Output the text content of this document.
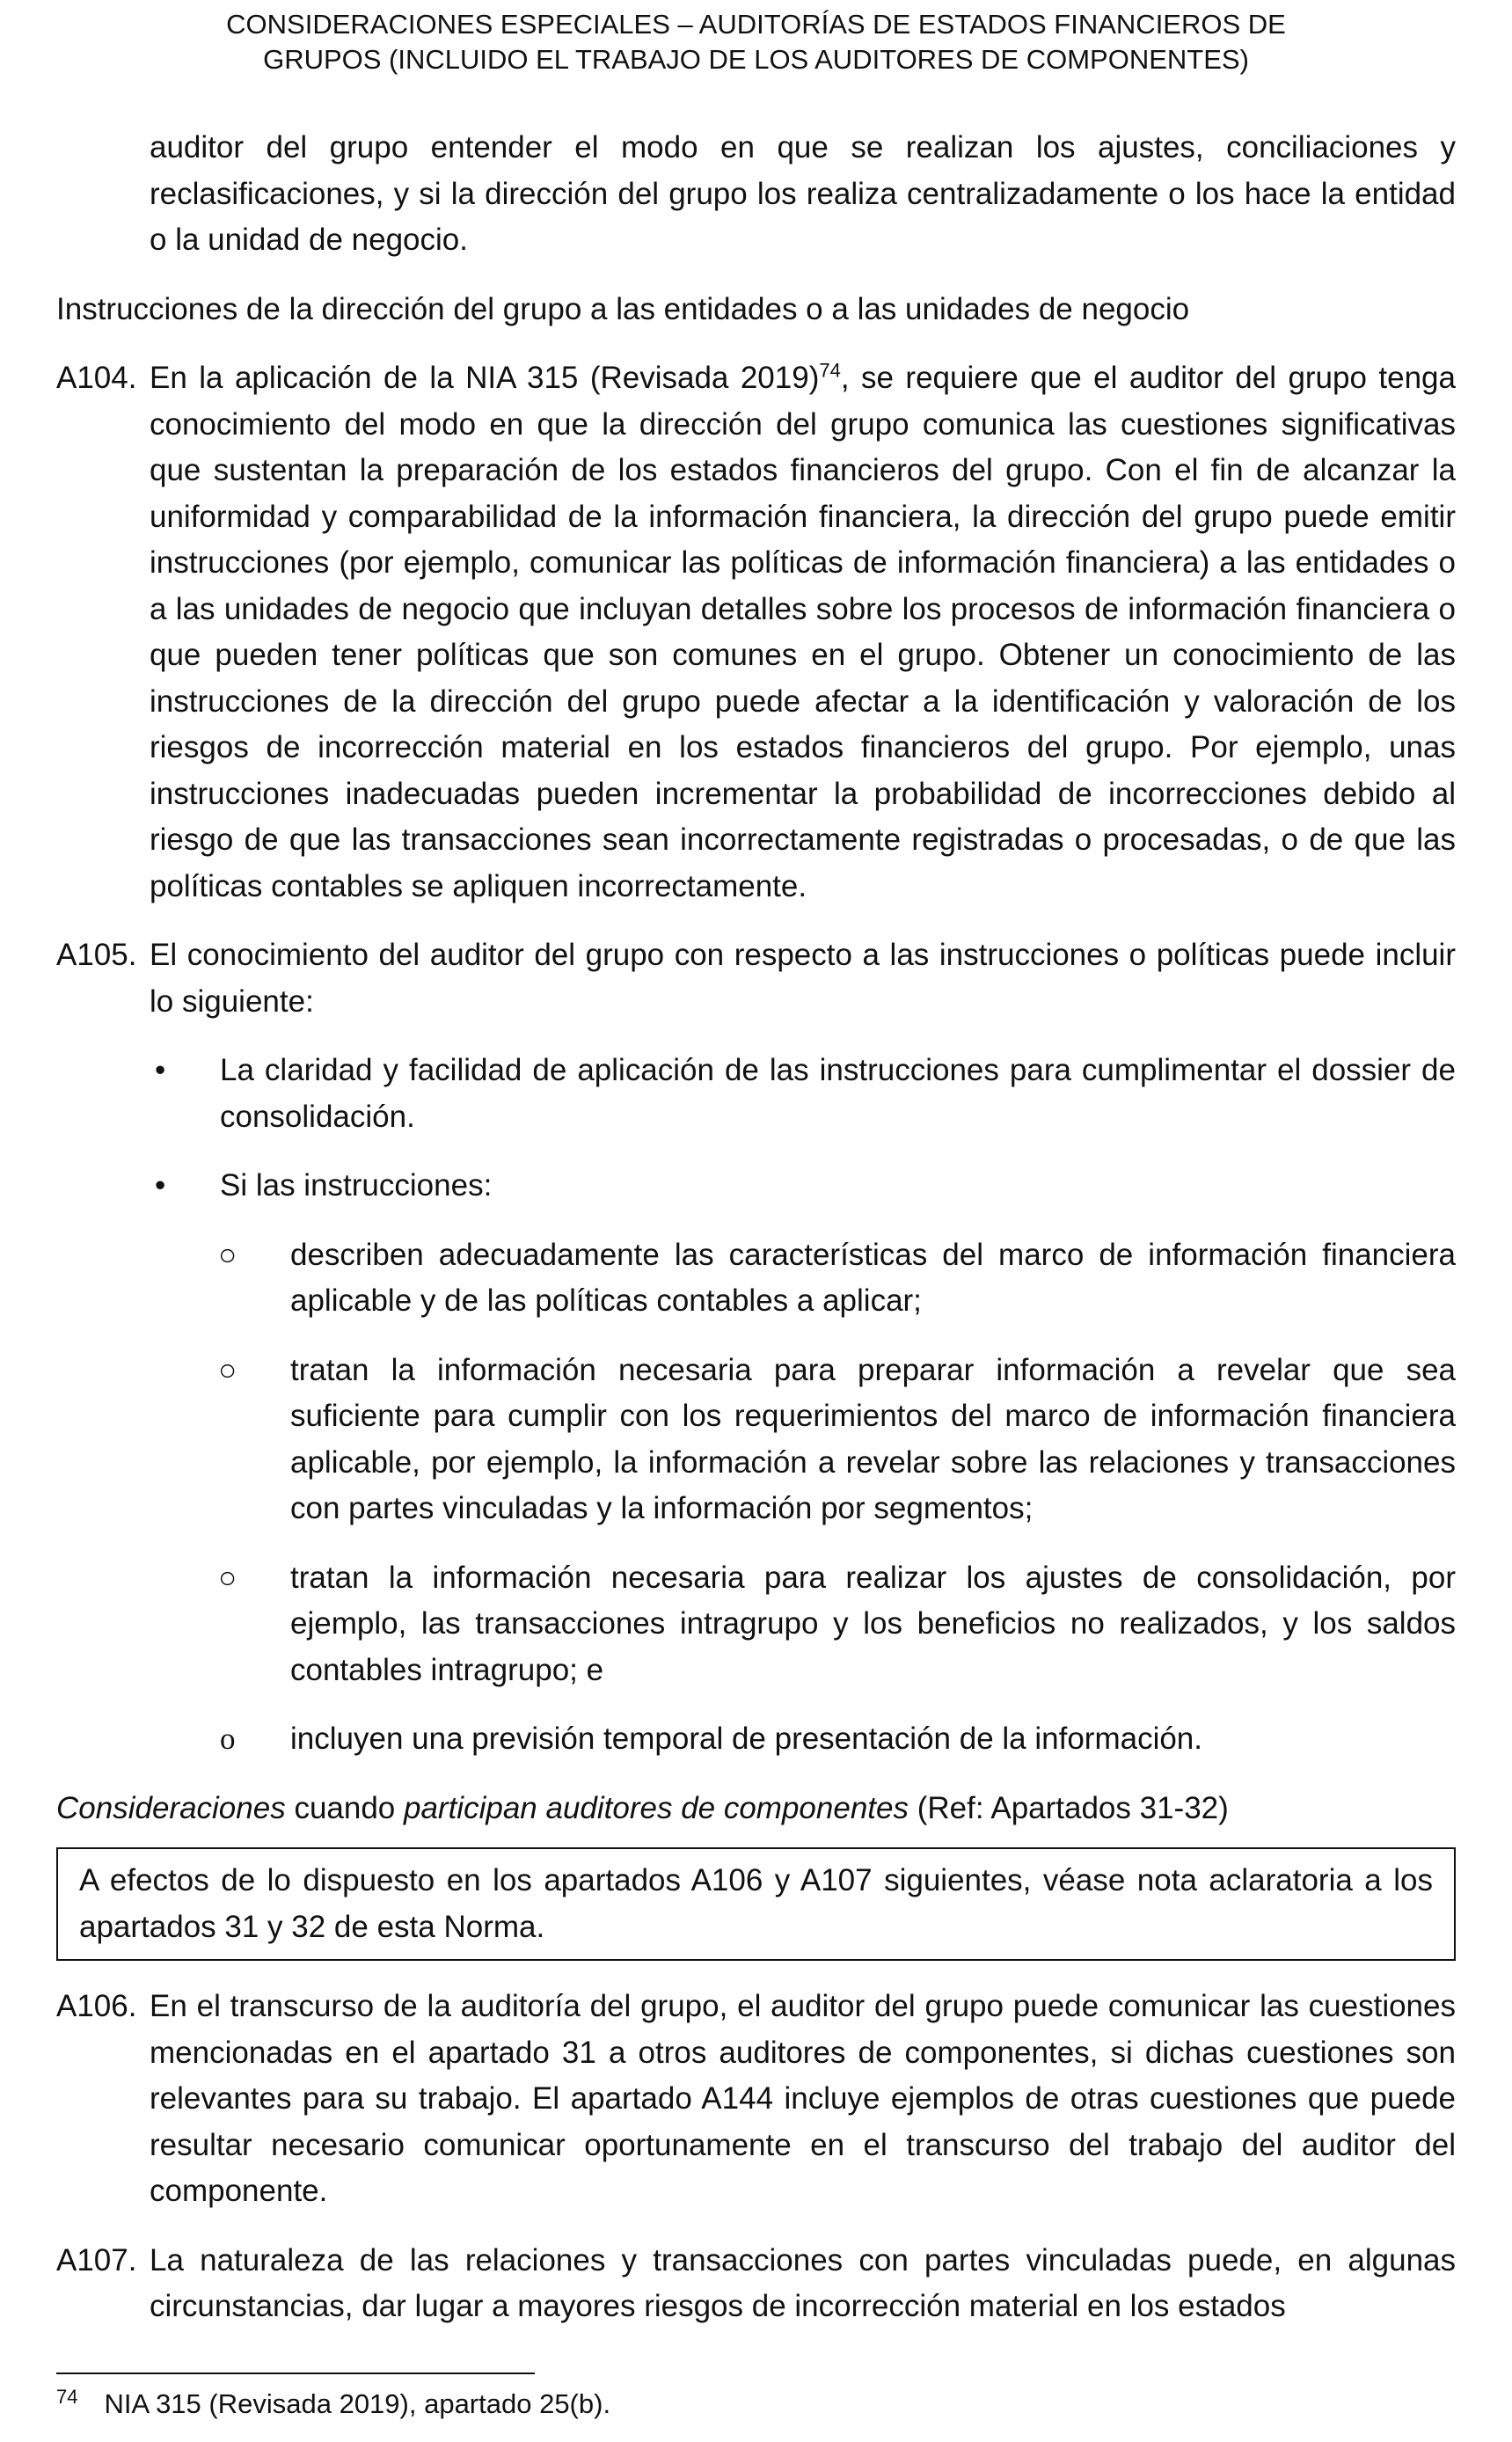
CONSIDERACIONES ESPECIALES – AUDITORÍAS DE ESTADOS FINANCIEROS DE
GRUPOS (INCLUIDO EL TRABAJO DE LOS AUDITORES DE COMPONENTES)
auditor del grupo entender el modo en que se realizan los ajustes, conciliaciones y reclasificaciones, y si la dirección del grupo los realiza centralizadamente o los hace la entidad o la unidad de negocio.
Instrucciones de la dirección del grupo a las entidades o a las unidades de negocio
A104. En la aplicación de la NIA 315 (Revisada 2019)$^{74}$, se requiere que el auditor del grupo tenga conocimiento del modo en que la dirección del grupo comunica las cuestiones significativas que sustentan la preparación de los estados financieros del grupo. Con el fin de alcanzar la uniformidad y comparabilidad de la información financiera, la dirección del grupo puede emitir instrucciones (por ejemplo, comunicar las políticas de información financiera) a las entidades o a las unidades de negocio que incluyan detalles sobre los procesos de información financiera o que pueden tener políticas que son comunes en el grupo. Obtener un conocimiento de las instrucciones de la dirección del grupo puede afectar a la identificación y valoración de los riesgos de incorrección material en los estados financieros del grupo. Por ejemplo, unas instrucciones inadecuadas pueden incrementar la probabilidad de incorrecciones debido al riesgo de que las transacciones sean incorrectamente registradas o procesadas, o de que las políticas contables se apliquen incorrectamente.
A105. El conocimiento del auditor del grupo con respecto a las instrucciones o políticas puede incluir lo siguiente:
• La claridad y facilidad de aplicación de las instrucciones para cumplimentar el dossier de consolidación.
• Si las instrucciones:
○ describen adecuadamente las características del marco de información financiera aplicable y de las políticas contables a aplicar;
○ tratan la información necesaria para preparar información a revelar que sea suficiente para cumplir con los requerimientos del marco de información financiera aplicable, por ejemplo, la información a revelar sobre las relaciones y transacciones con partes vinculadas y la información por segmentos;
○ tratan la información necesaria para realizar los ajustes de consolidación, por ejemplo, las transacciones intragrupo y los beneficios no realizados, y los saldos contables intragrupo; e
o incluyen una previsión temporal de presentación de la información.
Consideraciones cuando participan auditores de componentes (Ref: Apartados 31-32)
A efectos de lo dispuesto en los apartados A106 y A107 siguientes, véase nota aclaratoria a los apartados 31 y 32 de esta Norma.
A106. En el transcurso de la auditoría del grupo, el auditor del grupo puede comunicar las cuestiones mencionadas en el apartado 31 a otros auditores de componentes, si dichas cuestiones son relevantes para su trabajo. El apartado A144 incluye ejemplos de otras cuestiones que puede resultar necesario comunicar oportunamente en el transcurso del trabajo del auditor del componente.
A107. La naturaleza de las relaciones y transacciones con partes vinculadas puede, en algunas circunstancias, dar lugar a mayores riesgos de incorrección material en los estados
$^{74}$ NIA 315 (Revisada 2019), apartado 25(b).
